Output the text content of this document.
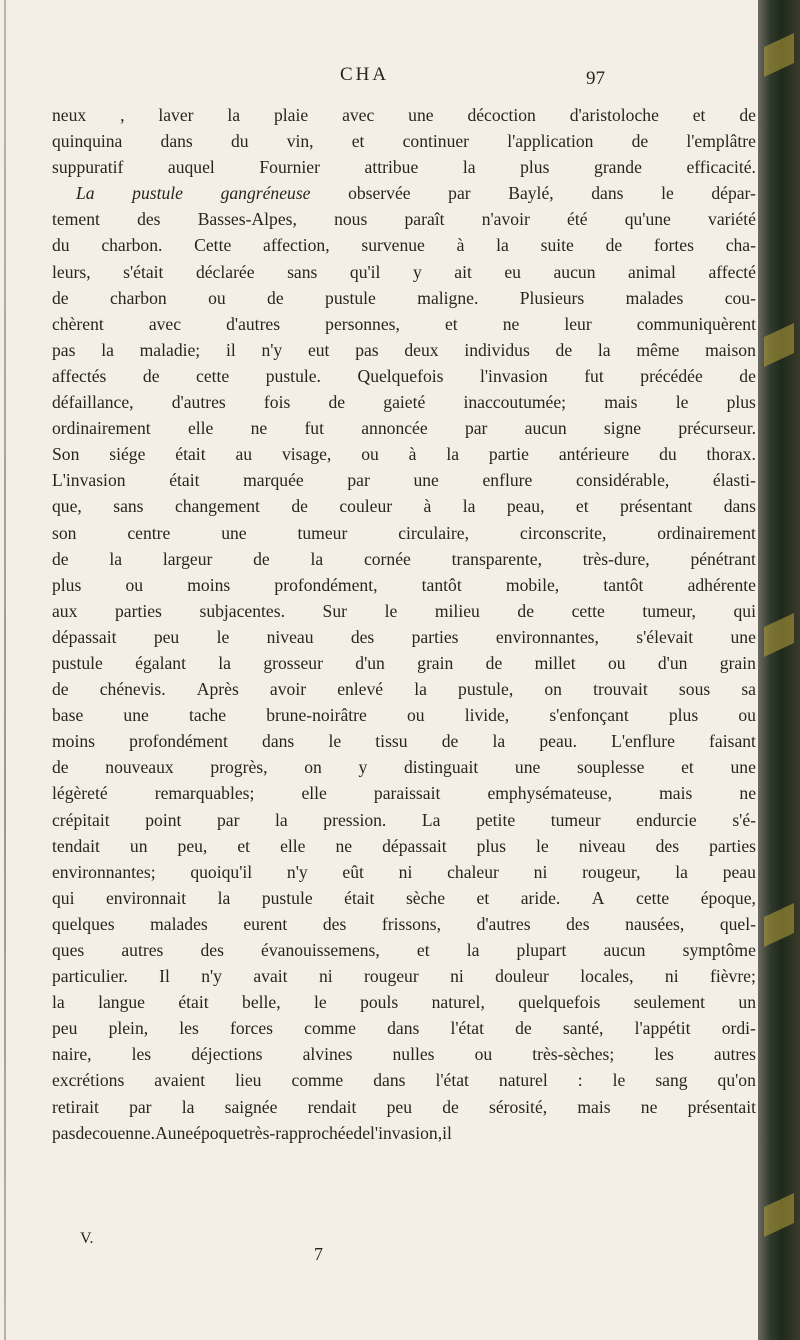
CHA	97
neux , laver la plaie avec une décoction d'aristoloche et de
quinquina dans du vin, et continuer l'application de l'emplâtre
suppuratif	auquel	Fournier	attribue	la	plus	grande	efficacité.
La pustule gangréneuse observée par Baylé, dans le dépar-
tement des Basses-Alpes, nous paraît n'avoir été qu'une variété
du charbon. Cette affection, survenue à la suite de fortes cha-
leurs, s'était déclarée sans qu'il y ait eu aucun animal affecté
de charbon ou de pustule maligne. Plusieurs malades cou-
chèrent	avec	d'autres	personnes,	et	ne	leur	communiquèrent
pas la maladie; il n'y eut pas deux individus de la même maison
affectés de cette pustule. Quelquefois l'invasion fut précédée de
défaillance, d'autres fois de gaieté inaccoutumée; mais le plus
ordinairement elle ne fut annoncée par aucun signe précurseur.
Son siége était au visage, ou à la partie antérieure du thorax.
L'invasion était marquée par une enflure considérable, élasti-
que, sans changement de couleur à la peau, et présentant dans
son	centre	une	tumeur	circulaire,	circonscrite,	ordinairement
de la largeur de la cornée transparente, très-dure, pénétrant
plus	ou	moins	profondément,	tantôt	mobile,	tantôt	adhérente
aux parties subjacentes. Sur le milieu de cette tumeur, qui
dépassait peu le niveau des parties environnantes, s'élevait une
pustule égalant la grosseur d'un grain de millet ou d'un grain
de chénevis. Après avoir enlevé la pustule, on trouvait sous sa
base une tache brune-noirâtre ou livide, s'enfonçant plus ou
moins profondément dans le tissu de la peau. L'enflure faisant
de nouveaux progrès, on y distinguait une souplesse et une
légèreté	remarquables;	elle	paraissait	emphysémateuse,	mais	ne
crépitait point par la pression. La petite tumeur endurcie s'é-
tendait un peu, et elle ne dépassait plus le niveau des parties
environnantes; quoiqu'il n'y eût ni chaleur ni rougeur, la peau
qui environnait la pustule était sèche et aride. A cette époque,
quelques malades eurent des frissons, d'autres des nausées, quel-
ques autres des évanouissemens, et la plupart aucun symptôme
particulier. Il n'y avait ni rougeur ni douleur locales, ni fièvre;
la langue était belle, le pouls naturel, quelquefois seulement un
peu plein, les forces comme dans l'état de santé, l'appétit ordi-
naire, les déjections alvines nulles ou très-sèches; les autres
excrétions avaient lieu comme dans l'état naturel : le sang qu'on
retirait par la saignée rendait peu de sérosité, mais ne présentait
pas de couenne. A une époque très-rapprochée de l'invasion, il
V.
7
